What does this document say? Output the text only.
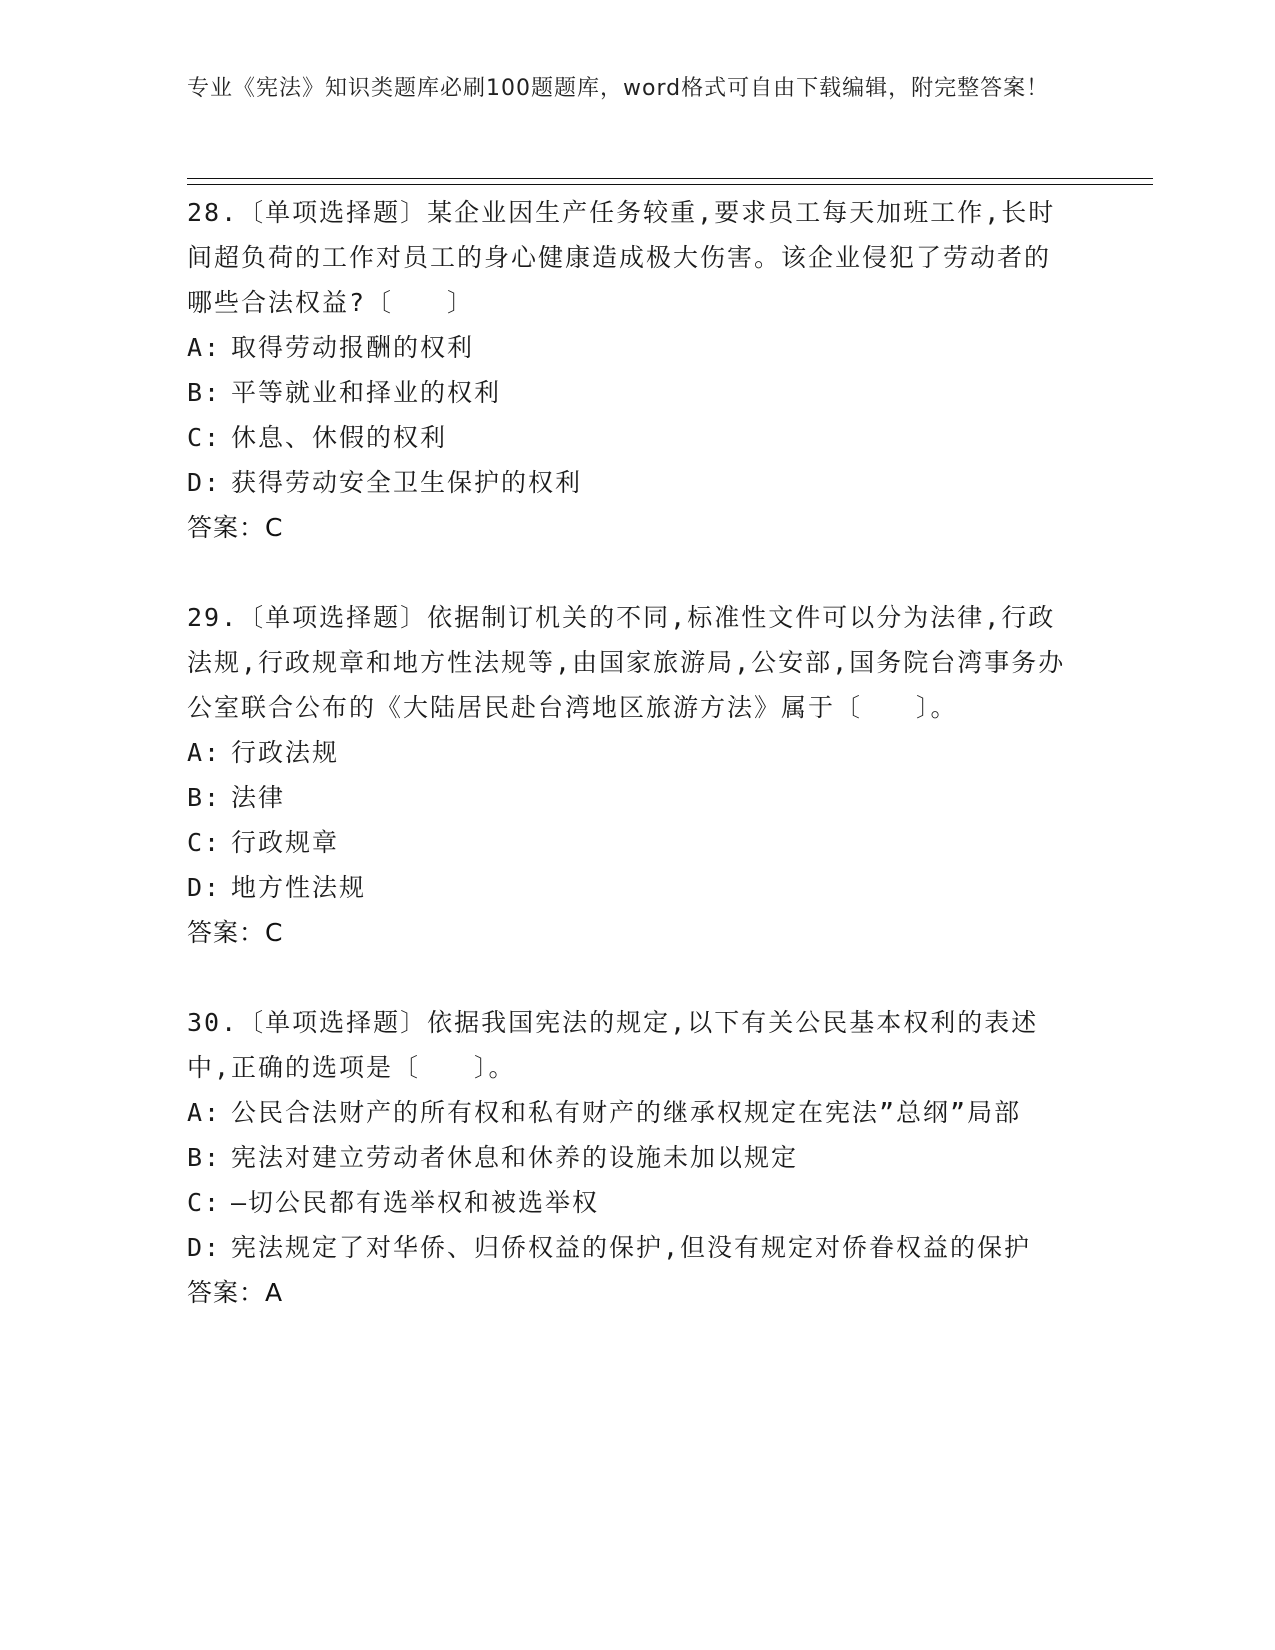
专业《宪法》知识类题库必刷100题题库，word格式可自由下载编辑，附完整答案！
28.〔单项选择题〕某企业因生产任务较重,要求员工每天加班工作,长时间超负荷的工作对员工的身心健康造成极大伤害。该企业侵犯了劳动者的哪些合法权益?〔　　〕
A: 取得劳动报酬的权利
B: 平等就业和择业的权利
C: 休息、休假的权利
D: 获得劳动安全卫生保护的权利
答案：C
29.〔单项选择题〕依据制订机关的不同,标准性文件可以分为法律,行政法规,行政规章和地方性法规等,由国家旅游局,公安部,国务院台湾事务办公室联合公布的《大陆居民赴台湾地区旅游方法》属于〔　　〕。
A: 行政法规
B: 法律
C: 行政规章
D: 地方性法规
答案：C
30.〔单项选择题〕依据我国宪法的规定,以下有关公民基本权利的表述中,正确的选项是〔　　〕。
A: 公民合法财产的所有权和私有财产的继承权规定在宪法”总纲”局部
B: 宪法对建立劳动者休息和休养的设施未加以规定
C: —切公民都有选举权和被选举权
D: 宪法规定了对华侨、归侨权益的保护,但没有规定对侨眷权益的保护
答案：A
